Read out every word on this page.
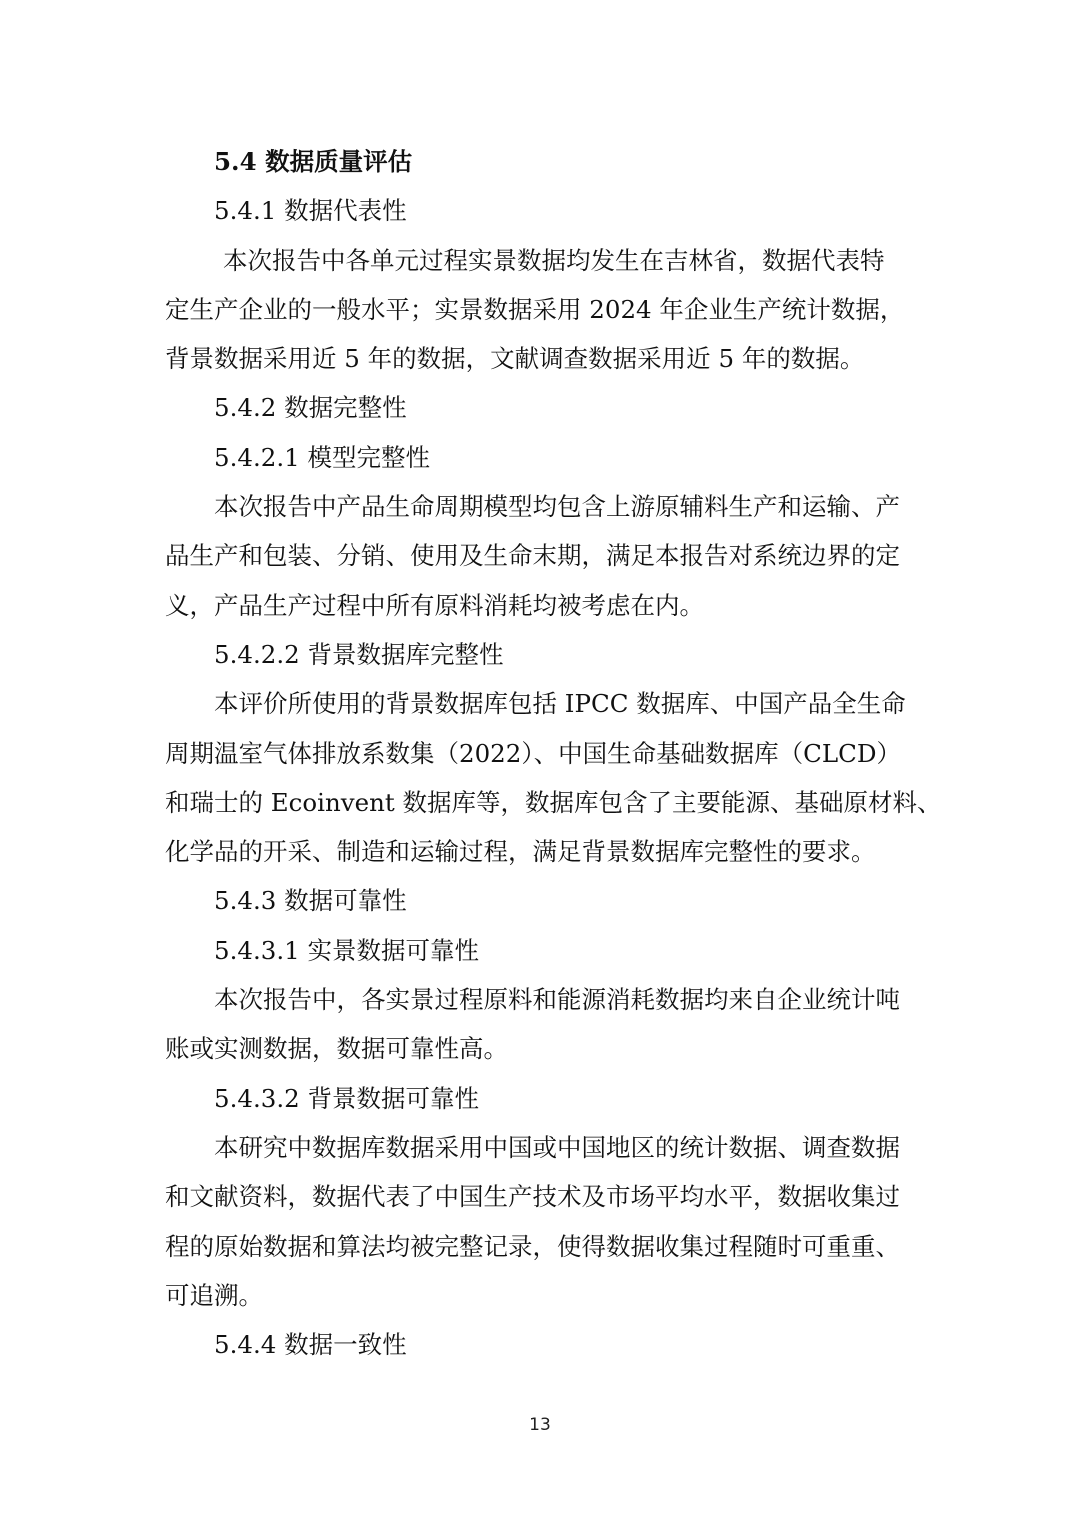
5.4 数据质量评估

5.4.1 数据代表性

本次报告中各单元过程实景数据均发生在吉林省，数据代表特

定生产企业的一般水平；实景数据采用 2024 年企业生产统计数据，

背景数据采用近 5 年的数据，文献调查数据采用近 5 年的数据。

5.4.2 数据完整性

5.4.2.1 模型完整性

本次报告中产品生命周期模型均包含上游原辅料生产和运输、产

品生产和包装、分销、使用及生命末期，满足本报告对系统边界的定

义，产品生产过程中所有原料消耗均被考虑在内。

5.4.2.2 背景数据库完整性

本评价所使用的背景数据库包括 IPCC 数据库、中国产品全生命

周期温室气体排放系数集（2022）、中国生命基础数据库（CLCD）

和瑞士的 Ecoinvent 数据库等，数据库包含了主要能源、基础原材料、

化学品的开采、制造和运输过程，满足背景数据库完整性的要求。

5.4.3 数据可靠性

5.4.3.1 实景数据可靠性

本次报告中，各实景过程原料和能源消耗数据均来自企业统计吨

账或实测数据，数据可靠性高。

5.4.3.2 背景数据可靠性

本研究中数据库数据采用中国或中国地区的统计数据、调查数据

和文献资料，数据代表了中国生产技术及市场平均水平，数据收集过

程的原始数据和算法均被完整记录，使得数据收集过程随时可重重、

可追溯。

5.4.4 数据一致性

13
